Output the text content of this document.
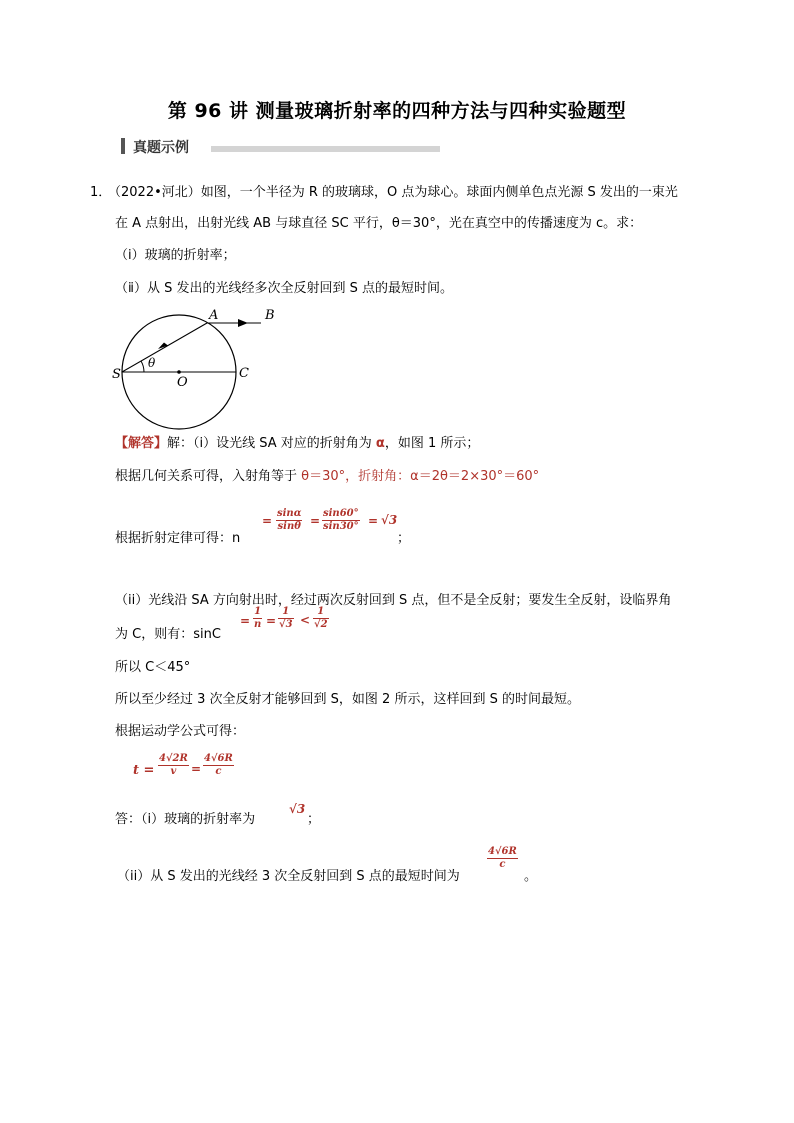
第 96 讲 测量玻璃折射率的四种方法与四种实验题型
真题示例
1．
（2022•河北）如图，一个半径为 R 的玻璃球，O 点为球心。球面内侧单色点光源 S 发出的一束光
在 A 点射出，出射光线 AB 与球直径 SC 平行，θ＝30°，光在真空中的传播速度为 c。求：
（ⅰ）玻璃的折射率；
（ⅱ）从 S 发出的光线经多次全反射回到 S 点的最短时间。
A	B
S	C
O
θ
【解答】解：（i）设光线 SA 对应的折射角为 α，如图 1 所示；
根据几何关系可得，入射角等于 θ＝30°，折射角：α＝2θ＝2×30°＝60°
根据折射定律可得：n
=
sinα
sinθ =
sin60°
sin30° = √3
；
（ii）光线沿 SA 方向射出时，经过两次反射回到 S 点，但不是全反射；要发生全反射，设临界角
为 C，则有：sinC
=
1
n =
1
√3 <
1
√2
所以 C＜45°
所以至少经过 3 次全反射才能够回到 S，如图 2 所示，这样回到 S 的时间最短。
根据运动学公式可得：
t =
4√2R
v =
4√6R
c
答：（i）玻璃的折射率为
√3
；
（ii）从 S 发出的光线经 3 次全反射回到 S 点的最短时间为
4√6R
c
。
